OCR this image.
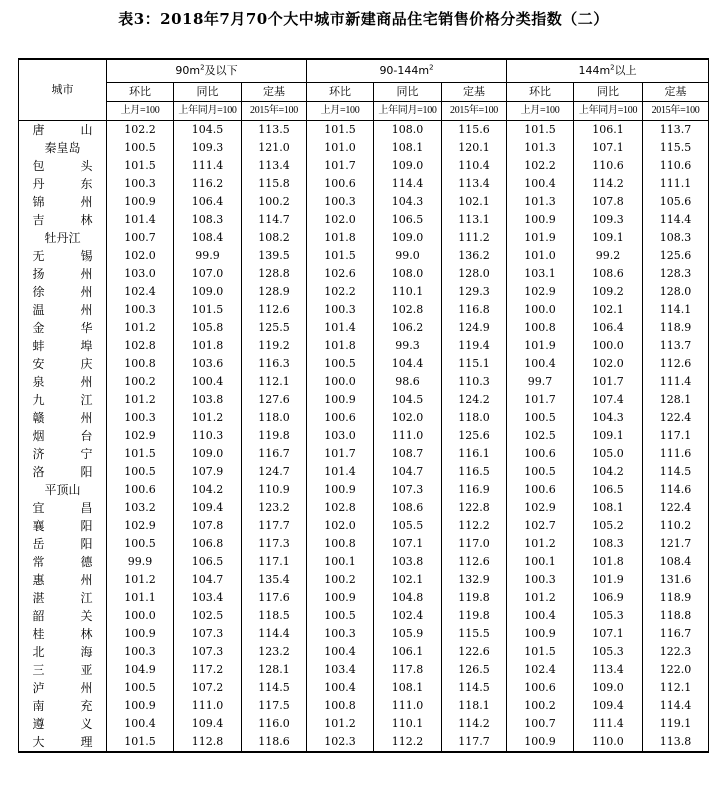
表3：2018年7月70个大中城市新建商品住宅销售价格分类指数（二）
城市	$90m^2$及以下			$90-144m^2$			$144m^2$以上		
	环比	同比	定基	环比	同比	定基	环比	同比	定基
	上月=100	上年同月=100	2015年=100	上月=100	上年同月=100	2015年=100	上月=100	上年同月=100	2015年=100
唐山	102.2	104.5	113.5	101.5	108.0	115.6	101.5	106.1	113.7
秦皇岛	100.5	109.3	121.0	101.0	108.1	120.1	101.3	107.1	115.5
包头	101.5	111.4	113.4	101.7	109.0	110.4	102.2	110.6	110.6
丹东	100.3	116.2	115.8	100.6	114.4	113.4	100.4	114.2	111.1
锦州	100.9	106.4	100.2	100.3	104.3	102.1	101.3	107.8	105.6
吉林	101.4	108.3	114.7	102.0	106.5	113.1	100.9	109.3	114.4
牡丹江	100.7	108.4	108.2	101.8	109.0	111.2	101.9	109.1	108.3
无锡	102.0	99.9	139.5	101.5	99.0	136.2	101.0	99.2	125.6
扬州	103.0	107.0	128.8	102.6	108.0	128.0	103.1	108.6	128.3
徐州	102.4	109.0	128.9	102.2	110.1	129.3	102.9	109.2	128.0
温州	100.3	101.5	112.6	100.3	102.8	116.8	100.0	102.1	114.1
金华	101.2	105.8	125.5	101.4	106.2	124.9	100.8	106.4	118.9
蚌埠	102.8	101.8	119.2	101.8	99.3	119.4	101.9	100.0	113.7
安庆	100.8	103.6	116.3	100.5	104.4	115.1	100.4	102.0	112.6
泉州	100.2	100.4	112.1	100.0	98.6	110.3	99.7	101.7	111.4
九江	101.2	103.8	127.6	100.9	104.5	124.2	101.7	107.4	128.1
赣州	100.3	101.2	118.0	100.6	102.0	118.0	100.5	104.3	122.4
烟台	102.9	110.3	119.8	103.0	111.0	125.6	102.5	109.1	117.1
济宁	101.5	109.0	116.7	101.7	108.7	116.1	100.6	105.0	111.6
洛阳	100.5	107.9	124.7	101.4	104.7	116.5	100.5	104.2	114.5
平顶山	100.6	104.2	110.9	100.9	107.3	116.9	100.6	106.5	114.6
宜昌	103.2	109.4	123.2	102.8	108.6	122.8	102.9	108.1	122.4
襄阳	102.9	107.8	117.7	102.0	105.5	112.2	102.7	105.2	110.2
岳阳	100.5	106.8	117.3	100.8	107.1	117.0	101.2	108.3	121.7
常德	99.9	106.5	117.1	100.1	103.8	112.6	100.1	101.8	108.4
惠州	101.2	104.7	135.4	100.2	102.1	132.9	100.3	101.9	131.6
湛江	101.1	103.4	117.6	100.9	104.8	119.8	101.2	106.9	118.9
韶关	100.0	102.5	118.5	100.5	102.4	119.8	100.4	105.3	118.8
桂林	100.9	107.3	114.4	100.3	105.9	115.5	100.9	107.1	116.7
北海	100.3	107.3	123.2	100.4	106.1	122.6	101.5	105.3	122.3
三亚	104.9	117.2	128.1	103.4	117.8	126.5	102.4	113.4	122.0
泸州	100.5	107.2	114.5	100.4	108.1	114.5	100.6	109.0	112.1
南充	100.9	111.0	117.5	100.8	111.0	118.1	100.2	109.4	114.4
遵义	100.4	109.4	116.0	101.2	110.1	114.2	100.7	111.4	119.1
大理	101.5	112.8	118.6	102.3	112.2	117.7	100.9	110.0	113.8
